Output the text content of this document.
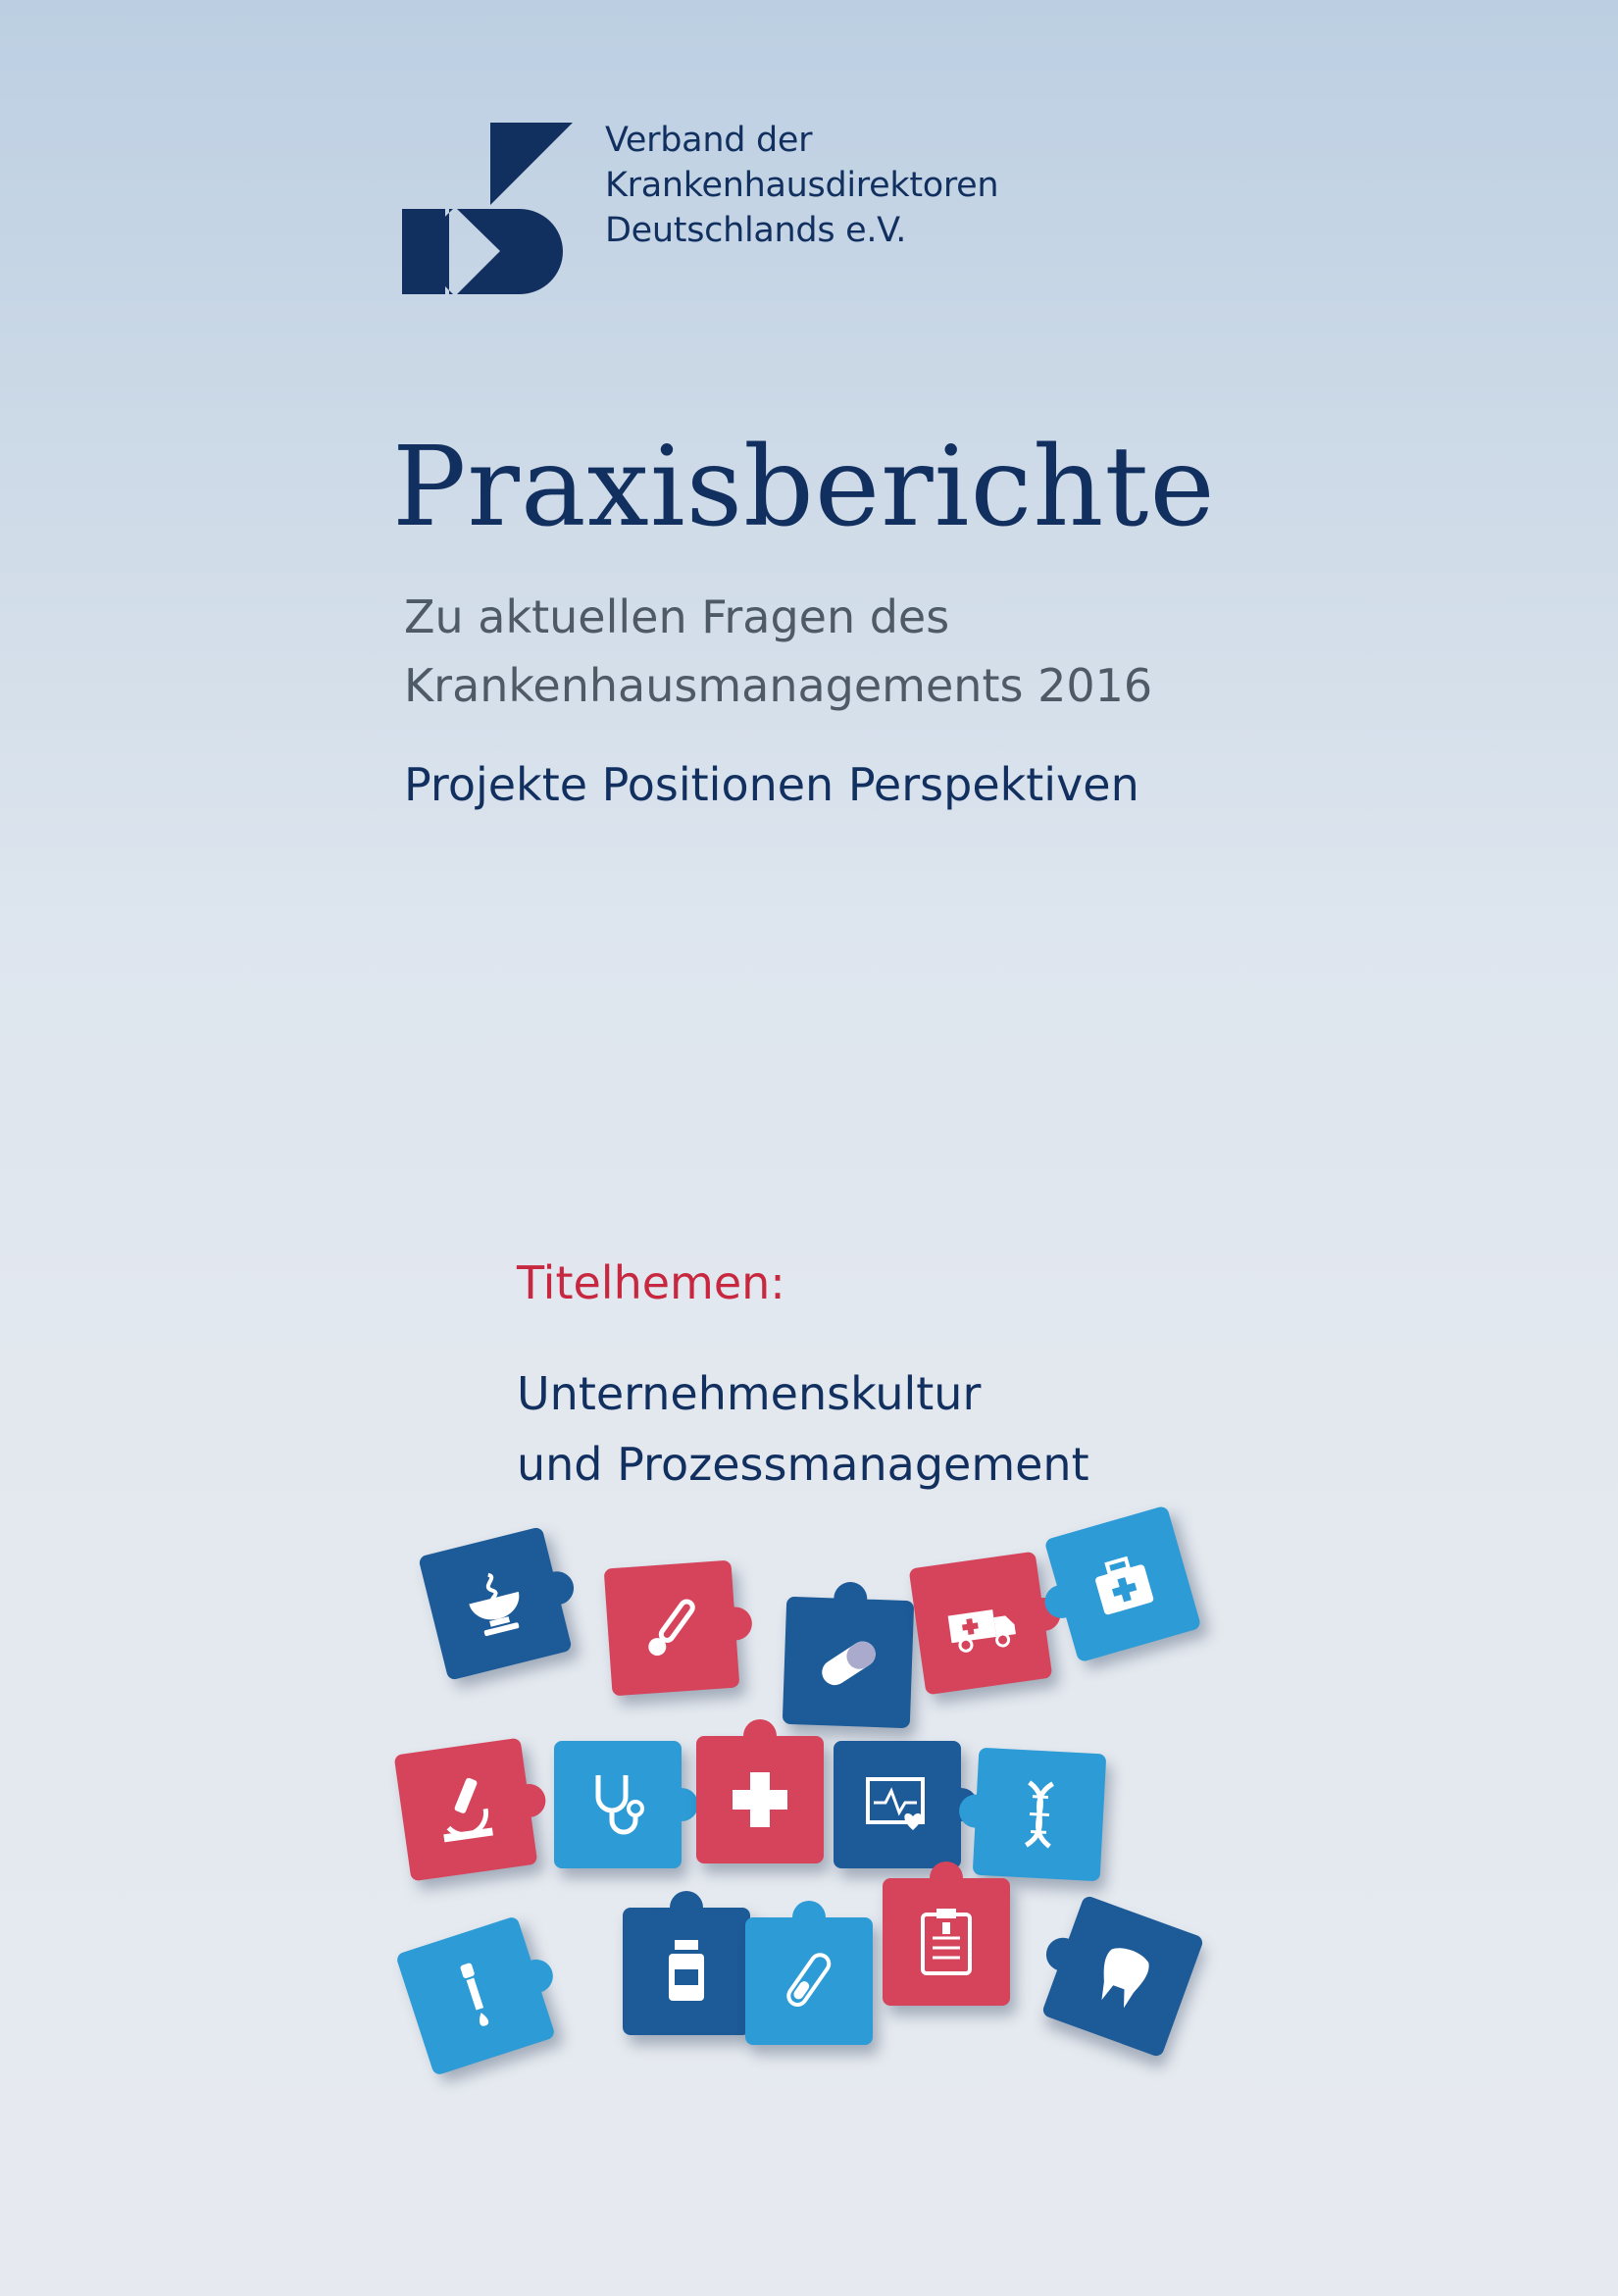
Verband der
Krankenhausdirektoren
Deutschlands e.V.
Praxisberichte
Zu aktuellen Fragen des
Krankenhausmanagements 2016
Projekte Positionen Perspektiven
Titelhemen:
Unternehmenskultur
und Prozessmanagement
